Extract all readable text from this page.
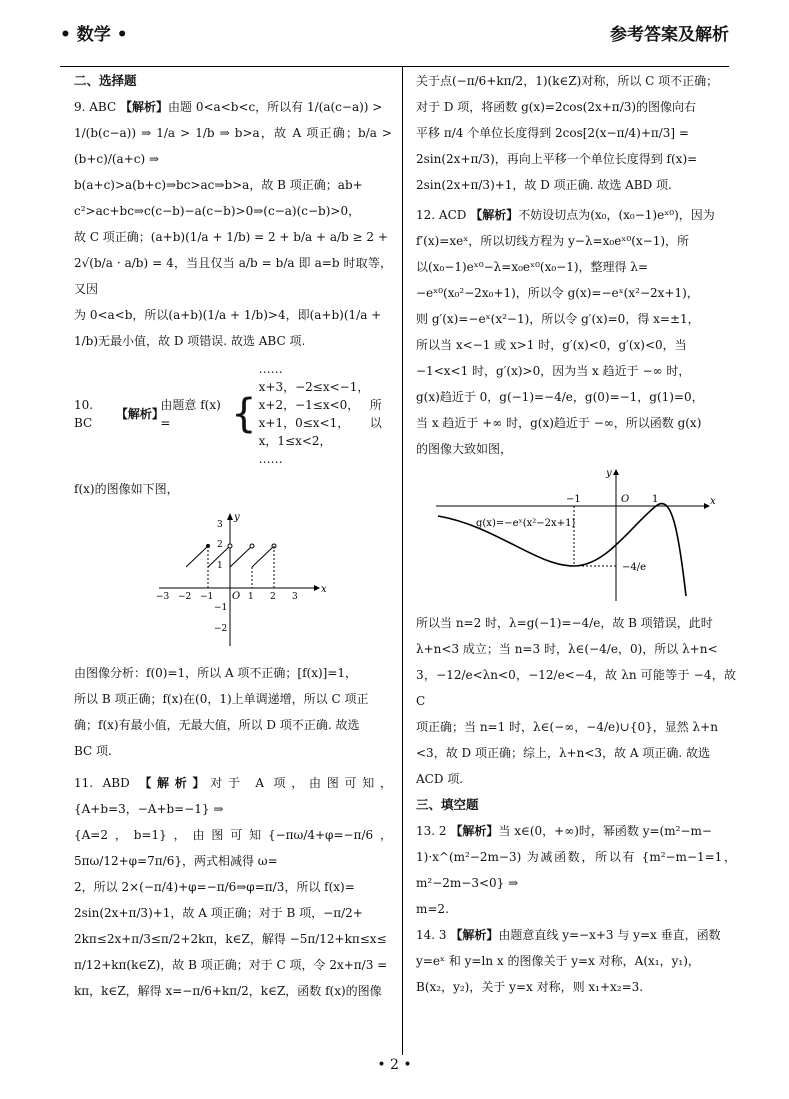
• 数学 •	参考答案及解析

二、选择题

9. ABC 【解析】由题 0<a<b<c，所以有 1/(a(c−a)) >

1/(b(c−a)) ⇒ 1/a > 1/b ⇒ b>a，故 A 项正确；b/a > (b+c)/(a+c) ⇒

b(a+c)>a(b+c)⇒bc>ac⇒b>a，故 B 项正确；ab+

c²>ac+bc⇒c(c−b)−a(c−b)>0⇒(c−a)(c−b)>0，

故 C 项正确；(a+b)(1/a + 1/b) = 2 + b/a + a/b ≥ 2 +

2√(b/a · a/b) = 4，当且仅当 a/b = b/a 即 a=b 时取等，又因

为 0<a<b，所以(a+b)(1/a + 1/b)>4，即(a+b)(1/a +

1/b)无最小值，故 D 项错误. 故选 ABC 项.

10. BC

【解析】
由题意 f(x) =	{
……
x+3，−2≤x<−1，
x+2，−1≤x<0，
x+1，0≤x<1，
x，1≤x<2，
……
所以

f(x)的图像如下图，

x
y
O
−3 −2 −1	1 2 3
3
2
1
−1
−2

由图像分析：f(0)=1，所以 A 项不正确；[f(x)]=1，

所以 B 项正确；f(x)在(0，1)上单调递增，所以 C 项正

确；f(x)有最小值，无最大值，所以 D 项不正确. 故选

BC 项.

11. ABD 【解析】对于 A 项，由图可知，{A+b=3，−A+b=−1} ⇒

{A=2，b=1}，由图可知{−πω/4+φ=−π/6，5πω/12+φ=7π/6}，两式相减得 ω=

2，所以 2×(−π/4)+φ=−π/6⇒φ=π/3，所以 f(x)=

2sin(2x+π/3)+1，故 A 项正确；对于 B 项，−π/2+

2kπ≤2x+π/3≤π/2+2kπ，k∈Z，解得 −5π/12+kπ≤x≤

π/12+kπ(k∈Z)，故 B 项正确；对于 C 项，令 2x+π/3 =

kπ，k∈Z，解得 x=−π/6+kπ/2，k∈Z，函数 f(x)的图像

关于点(−π/6+kπ/2，1)(k∈Z)对称，所以 C 项不正确；

对于 D 项，将函数 g(x)=2cos(2x+π/3)的图像向右

平移 π/4 个单位长度得到 2cos[2(x−π/4)+π/3] =

2sin(2x+π/3)，再向上平移一个单位长度得到 f(x)=

2sin(2x+π/3)+1，故 D 项正确. 故选 ABD 项.

12. ACD 【解析】不妨设切点为(x₀，(x₀−1)eˣ⁰)，因为

f′(x)=xeˣ，所以切线方程为 y−λ=x₀eˣ⁰(x−1)，所

以(x₀−1)eˣ⁰−λ=x₀eˣ⁰(x₀−1)，整理得 λ=

−eˣ⁰(x₀²−2x₀+1)，所以令 g(x)=−eˣ(x²−2x+1)，

则 g′(x)=−eˣ(x²−1)，所以令 g′(x)=0，得 x=±1，

所以当 x<−1 或 x>1 时，g′(x)<0，g′(x)<0，当

−1<x<1 时，g′(x)>0，因为当 x 趋近于 −∞ 时，

g(x)趋近于 0，g(−1)=−4/e，g(0)=−1，g(1)=0，

当 x 趋近于 +∞ 时，g(x)趋近于 −∞，所以函数 g(x)

的图像大致如图，

x
y
O
−1	1
−4/e
g(x)=−eˣ(x²−2x+1)

所以当 n=2 时，λ=g(−1)=−4/e，故 B 项错误，此时

λ+n<3 成立；当 n=3 时，λ∈(−4/e，0)，所以 λ+n<

3，−12/e<λn<0，−12/e<−4，故 λn 可能等于 −4，故 C

项正确；当 n=1 时，λ∈(−∞，−4/e)∪{0}，显然 λ+n

<3，故 D 项正确；综上，λ+n<3，故 A 项正确. 故选

ACD 项.

三、填空题

13. 2 【解析】当 x∈(0，+∞)时，幂函数 y=(m²−m−

1)·x^(m²−2m−3) 为减函数，所以有 {m²−m−1=1，m²−2m−3<0} ⇒

m=2.

14. 3 【解析】由题意直线 y=−x+3 与 y=x 垂直，函数

y=eˣ 和 y=ln x 的图像关于 y=x 对称，A(x₁，y₁)，

B(x₂，y₂)，关于 y=x 对称，则 x₁+x₂=3.

• 2 •
